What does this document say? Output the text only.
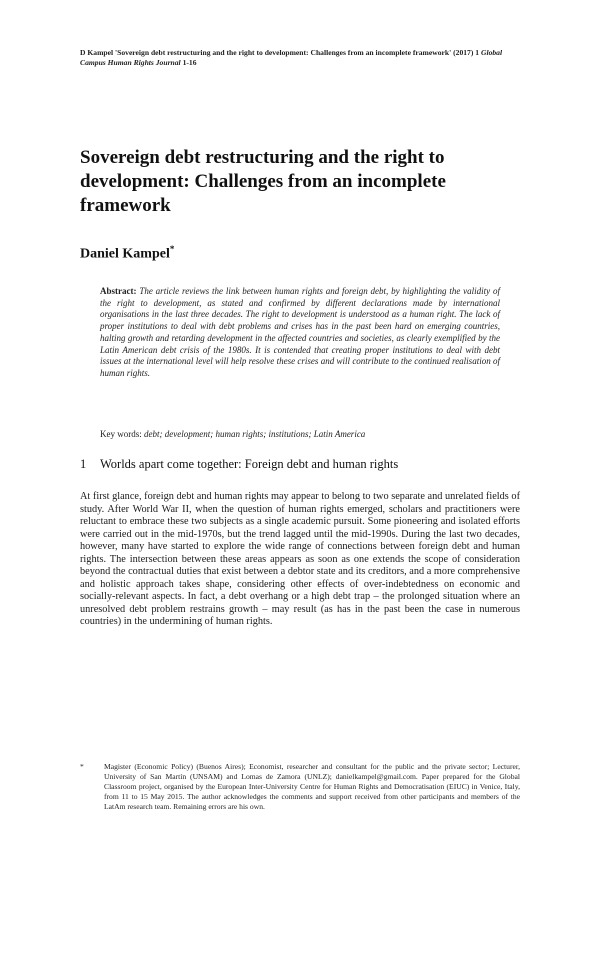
D Kampel 'Sovereign debt restructuring and the right to development: Challenges from an incomplete framework' (2017) 1 Global Campus Human Rights Journal 1-16
Sovereign debt restructuring and the right to development: Challenges from an incomplete framework

Daniel Kampel*

Abstract: The article reviews the link between human rights and foreign debt, by highlighting the validity of the right to development, as stated and confirmed by different declarations made by international organisations in the last three decades. The right to development is understood as a human right. The lack of proper institutions to deal with debt problems and crises has in the past been hard on emerging countries, halting growth and retarding development in the affected countries and societies, as clearly exemplified by the Latin American debt crisis of the 1980s. It is contended that creating proper institutions to deal with debt issues at the international level will help resolve these crises and will contribute to the continued realisation of human rights.
Key words: debt; development; human rights; institutions; Latin America
1 Worlds apart come together: Foreign debt and human rights

At first glance, foreign debt and human rights may appear to belong to two separate and unrelated fields of study. After World War II, when the question of human rights emerged, scholars and practitioners were reluctant to embrace these two subjects as a single academic pursuit. Some pioneering and isolated efforts were carried out in the mid-1970s, but the trend lagged until the mid-1990s. During the last two decades, however, many have started to explore the wide range of connections between foreign debt and human rights. The intersection between these areas appears as soon as one extends the scope of consideration beyond the contractual duties that exist between a debtor state and its creditors, and a more comprehensive and holistic approach takes shape, considering other effects of over-indebtedness on economic and socially-relevant aspects. In fact, a debt overhang or a high debt trap – the prolonged situation where an unresolved debt problem restrains growth – may result (as has in the past been the case in numerous countries) in the undermining of human rights.

*	Magister (Economic Policy) (Buenos Aires); Economist, researcher and consultant for the public and the private sector; Lecturer, University of San Martín (UNSAM) and Lomas de Zamora (UNLZ); danielkampel@gmail.com. Paper prepared for the Global Classroom project, organised by the European Inter-University Centre for Human Rights and Democratisation (EIUC) in Venice, Italy, from 11 to 15 May 2015. The author acknowledges the comments and support received from other participants and members of the LatAm research team. Remaining errors are his own.
